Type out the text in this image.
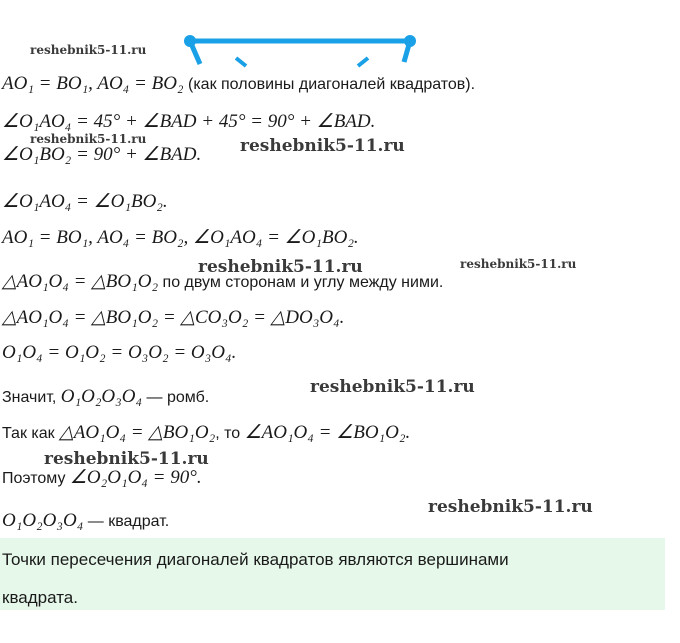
reshebnik5-11.ru
reshebnik5-11.ru	reshebnik5-11.ru
reshebnik5-11.ru	reshebnik5-11.ru
reshebnik5-11.ru
reshebnik5-11.ru
reshebnik5-11.ru
AO₁ = BO₁, AO₄ = BO₂ (как половины диагоналей квадратов).
∠O₁AO₄ = 45° + ∠BAD + 45° = 90° + ∠BAD.
∠O₁BO₂ = 90° + ∠BAD.
∠O₁AO₄ = ∠O₁BO₂.
AO₁ = BO₁, AO₄ = BO₂, ∠O₁AO₄ = ∠O₁BO₂.
△AO₁O₄ = △BO₁O₂ по двум сторонам и углу между ними.
△AO₁O₄ = △BO₁O₂ = △CO₃O₂ = △DO₃O₄.
O₁O₄ = O₁O₂ = O₃O₂ = O₃O₄.
Значит, O₁O₂O₃O₄ — ромб.
Так как △AO₁O₄ = △BO₁O₂, то ∠AO₁O₄ = ∠BO₁O₂.
Поэтому ∠O₂O₁O₄ = 90°.
O₁O₂O₃O₄ — квадрат.
Точки пересечения диагоналей квадратов являются вершинами
квадрата.
